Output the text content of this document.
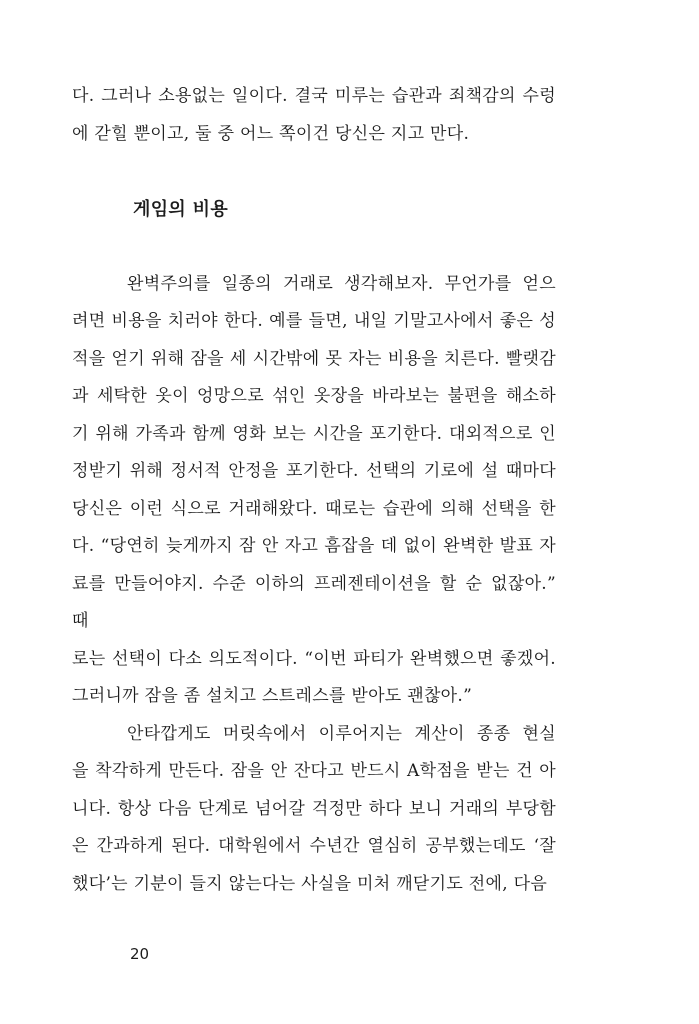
다. 그러나 소용없는 일이다. 결국 미루는 습관과 죄책감의 수렁
에 갇힐 뿐이고, 둘 중 어느 쪽이건 당신은 지고 만다.
게임의 비용
완벽주의를 일종의 거래로 생각해보자. 무언가를 얻으
려면 비용을 치러야 한다. 예를 들면, 내일 기말고사에서 좋은 성
적을 얻기 위해 잠을 세 시간밖에 못 자는 비용을 치른다. 빨랫감
과 세탁한 옷이 엉망으로 섞인 옷장을 바라보는 불편을 해소하
기 위해 가족과 함께 영화 보는 시간을 포기한다. 대외적으로 인
정받기 위해 정서적 안정을 포기한다. 선택의 기로에 설 때마다
당신은 이런 식으로 거래해왔다. 때로는 습관에 의해 선택을 한
다. “당연히 늦게까지 잠 안 자고 흠잡을 데 없이 완벽한 발표 자
료를 만들어야지. 수준 이하의 프레젠테이션을 할 순 없잖아.” 때
로는 선택이 다소 의도적이다. “이번 파티가 완벽했으면 좋겠어.
그러니까 잠을 좀 설치고 스트레스를 받아도 괜찮아.”
안타깝게도 머릿속에서 이루어지는 계산이 종종 현실
을 착각하게 만든다. 잠을 안 잔다고 반드시 A학점을 받는 건 아
니다. 항상 다음 단계로 넘어갈 걱정만 하다 보니 거래의 부당함
은 간과하게 된다. 대학원에서 수년간 열심히 공부했는데도 ‘잘
했다’는 기분이 들지 않는다는 사실을 미처 깨닫기도 전에, 다음
20
